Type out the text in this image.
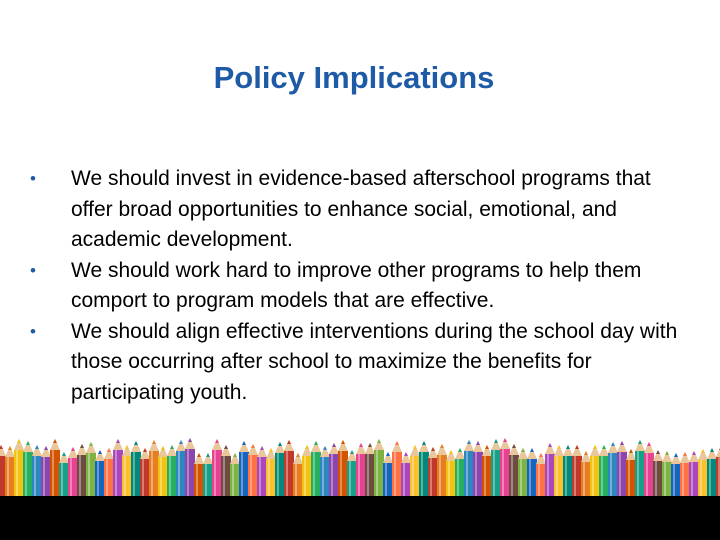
Policy Implications
• We should invest in evidence-based afterschool programs that offer broad opportunities to enhance social, emotional, and academic development.
• We should work hard to improve other programs to help them comport to program models that are effective.
• We should align effective interventions during the school day with those occurring after school to maximize the benefits for participating youth.
